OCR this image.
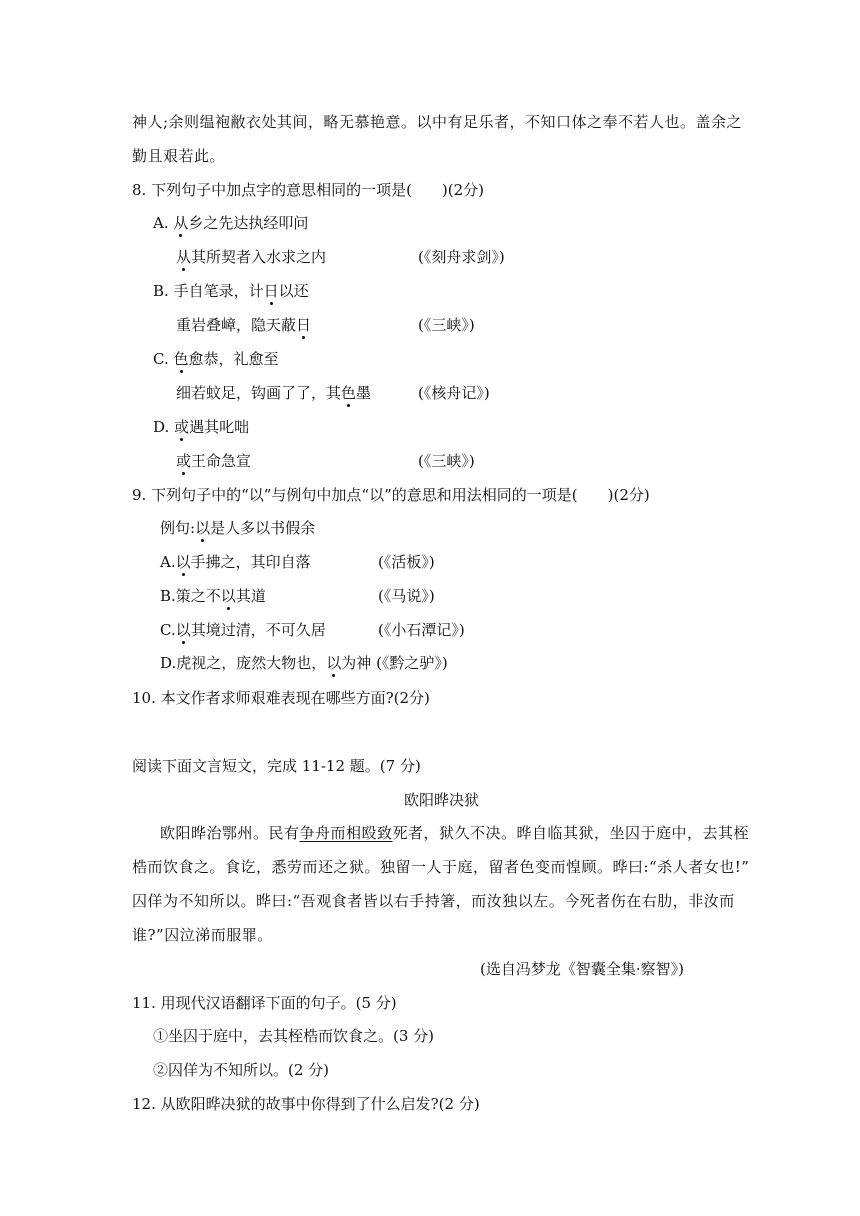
神人;余则缊袍敝衣处其间，略无慕艳意。以中有足乐者，不知口体之奉不若人也。盖余之
勤且艰若此。
8. 下列句子中加点字的意思相同的一项是(　　)(2分)
A. 从乡之先达执经叩问
从其所契者入水求之内	(《刻舟求剑》)
B. 手自笔录，计日以还
重岩叠嶂，隐天蔽日	(《三峡》)
C. 色愈恭，礼愈至
细若蚊足，钩画了了，其色墨	(《核舟记》)
D. 或遇其叱咄
或王命急宣	(《三峡》)
9. 下列句子中的“以”与例句中加点“以”的意思和用法相同的一项是(　　)(2分)
例句:以是人多以书假余
A.以手拂之，其印自落	(《活板》)
B.策之不以其道	(《马说》)
C.以其境过清，不可久居	(《小石潭记》)
D.虎视之，庞然大物也，以为神 (《黔之驴》)
10. 本文作者求师艰难表现在哪些方面?(2分)
阅读下面文言短文，完成 11-12 题。(7 分)
欧阳晔决狱
欧阳晔治鄂州。民有争舟而相殴致死者，狱久不决。晔自临其狱，坐囚于庭中，去其桎
梏而饮食之。食讫，悉劳而还之狱。独留一人于庭，留者色变而惶顾。晔曰:“杀人者女也!”
囚佯为不知所以。晔曰:“吾观食者皆以右手持箸，而汝独以左。今死者伤在右肋，非汝而
谁?”囚泣涕而服罪。
(选自冯梦龙《智囊全集·察智》)
11. 用现代汉语翻译下面的句子。(5 分)
①坐囚于庭中，去其桎梏而饮食之。(3 分)
②囚佯为不知所以。(2 分)
12. 从欧阳晔决狱的故事中你得到了什么启发?(2 分)
